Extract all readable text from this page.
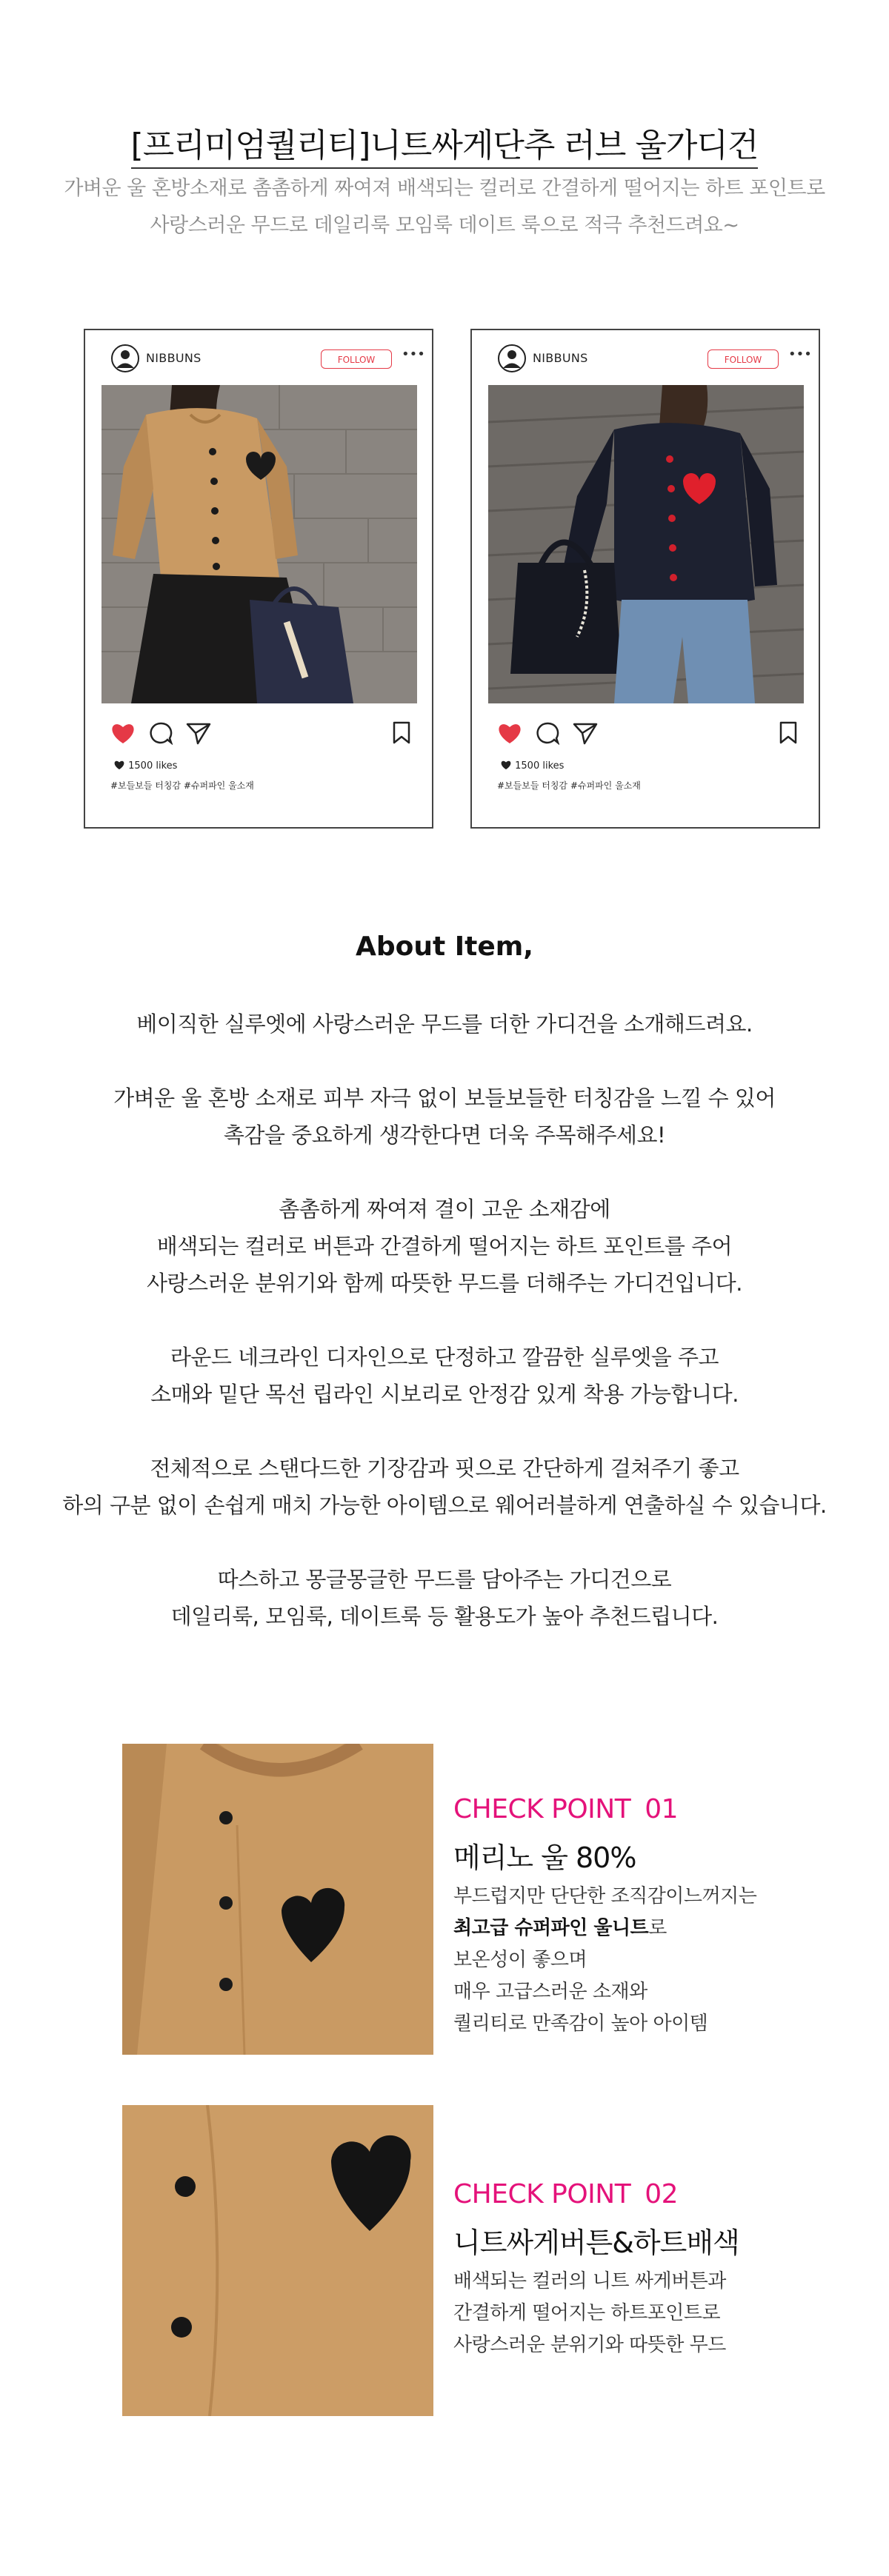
[프리미엄퀄리티]니트싸게단추 러브 울가디건
가벼운 울 혼방소재로 촘촘하게 짜여져 배색되는 컬러로 간결하게 떨어지는 하트 포인트로
사랑스러운 무드로 데일리룩 모임룩 데이트 룩으로 적극 추천드려요~
NIBBUNS	FOLLOW	•••
1500 likes
#보들보들 터칭감 #슈퍼파인 울소재
NIBBUNS	FOLLOW	•••
1500 likes
#보들보들 터칭감 #슈퍼파인 울소재
About Item,
베이직한 실루엣에 사랑스러운 무드를 더한 가디건을 소개해드려요.
가벼운 울 혼방 소재로 피부 자극 없이 보들보들한 터칭감을 느낄 수 있어
촉감을 중요하게 생각한다면 더욱 주목해주세요!
촘촘하게 짜여져 결이 고운 소재감에
배색되는 컬러로 버튼과 간결하게 떨어지는 하트 포인트를 주어
사랑스러운 분위기와 함께 따뜻한 무드를 더해주는 가디건입니다.
라운드 네크라인 디자인으로 단정하고 깔끔한 실루엣을 주고
소매와 밑단 목선 립라인 시보리로 안정감 있게 착용 가능합니다.
전체적으로 스탠다드한 기장감과 핏으로 간단하게 걸쳐주기 좋고
하의 구분 없이 손쉽게 매치 가능한 아이템으로 웨어러블하게 연출하실 수 있습니다.
따스하고 몽글몽글한 무드를 담아주는 가디건으로
데일리룩, 모임룩, 데이트룩 등 활용도가 높아 추천드립니다.
CHECK POINT 01
메리노 울 80%
부드럽지만 단단한 조직감이느꺼지는
최고급 슈퍼파인 울니트로
보온성이 좋으며
매우 고급스러운 소재와
퀄리티로 만족감이 높아 아이템
CHECK POINT 02
니트싸게버튼&하트배색
배색되는 컬러의 니트 싸게버튼과
간결하게 떨어지는 하트포인트로
사랑스러운 분위기와 따뜻한 무드
